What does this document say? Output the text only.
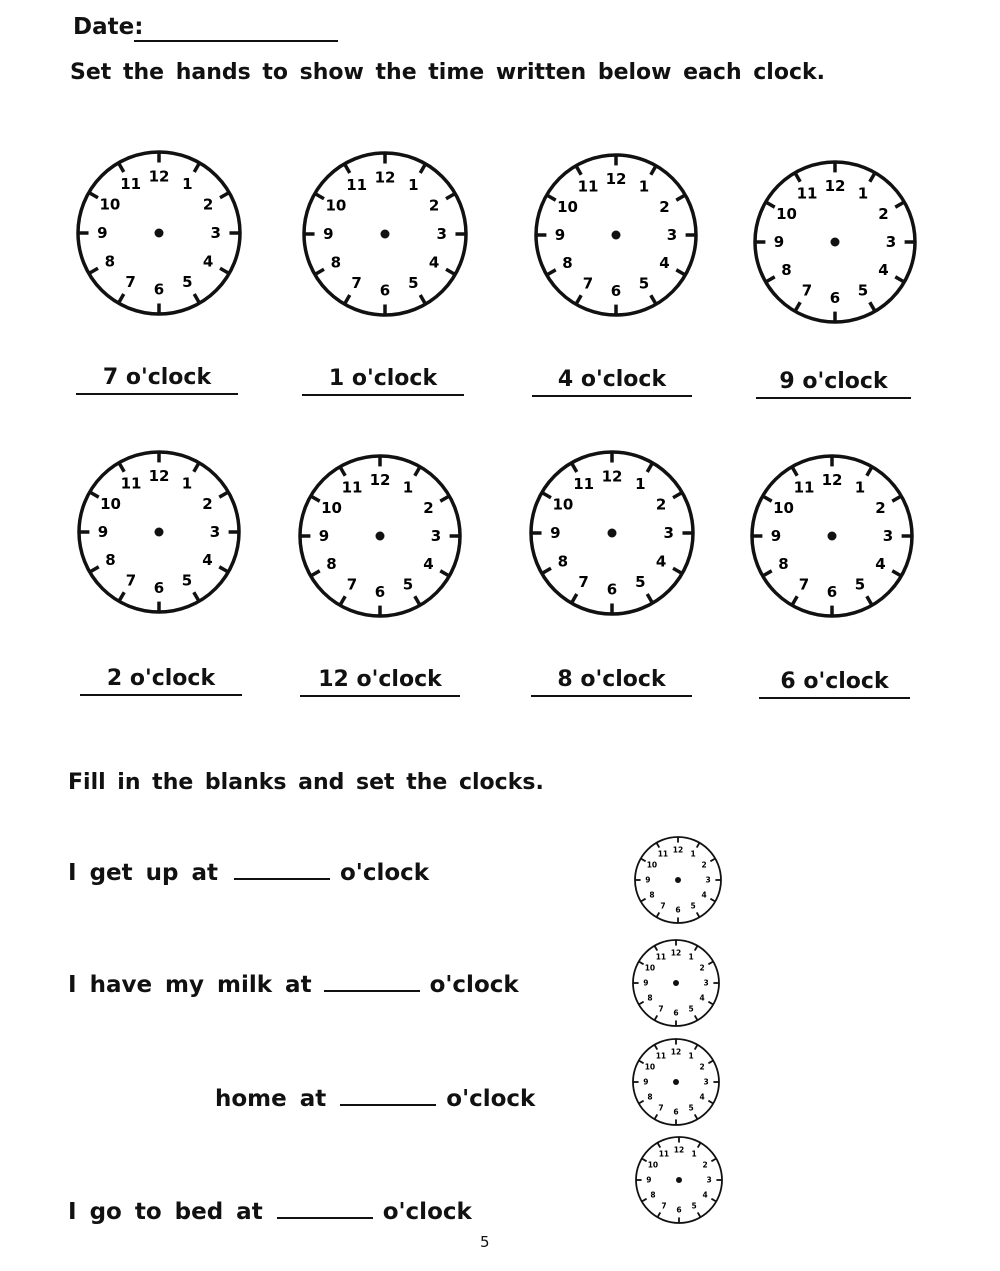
Date:
Set the hands to show the time written below each clock.
12 1
2
3
4
5
6
7
8
9
10
11	12 1
2
3
4
5
6
7
8
9
10
11	12 1
2
3
4
5
6
7
8
9
10
11	12 1
2
3
4
5
6
7
8
9
10
11
12 1
2
3
4
5
6
7
8
9
10
11	12 1
2
3
4
5
6
7
8
9
10
11
12 1
2
3
4
5
6
7
8
9
10
11	12 1
2
3
4
5
6
7
8
9
10
11
12 1
2
3
4
5
6
7
8
9
10
11
12 1
2
3
4
5
6
7
8
9
10
11
12 1
2
3
4
5
6
7
8
9
10
11
12 1
2
3
4
5
6
7
8
9
10
11
7 o'clock	1 o'clock	4 o'clock	9 o'clock
2 o'clock	12 o'clock	8 o'clock	6 o'clock
Fill in the blanks and set the clocks.
I get up at	o'clock
I have my milk at	o'clock
home at	o'clock
I go to bed at	o'clock
5
